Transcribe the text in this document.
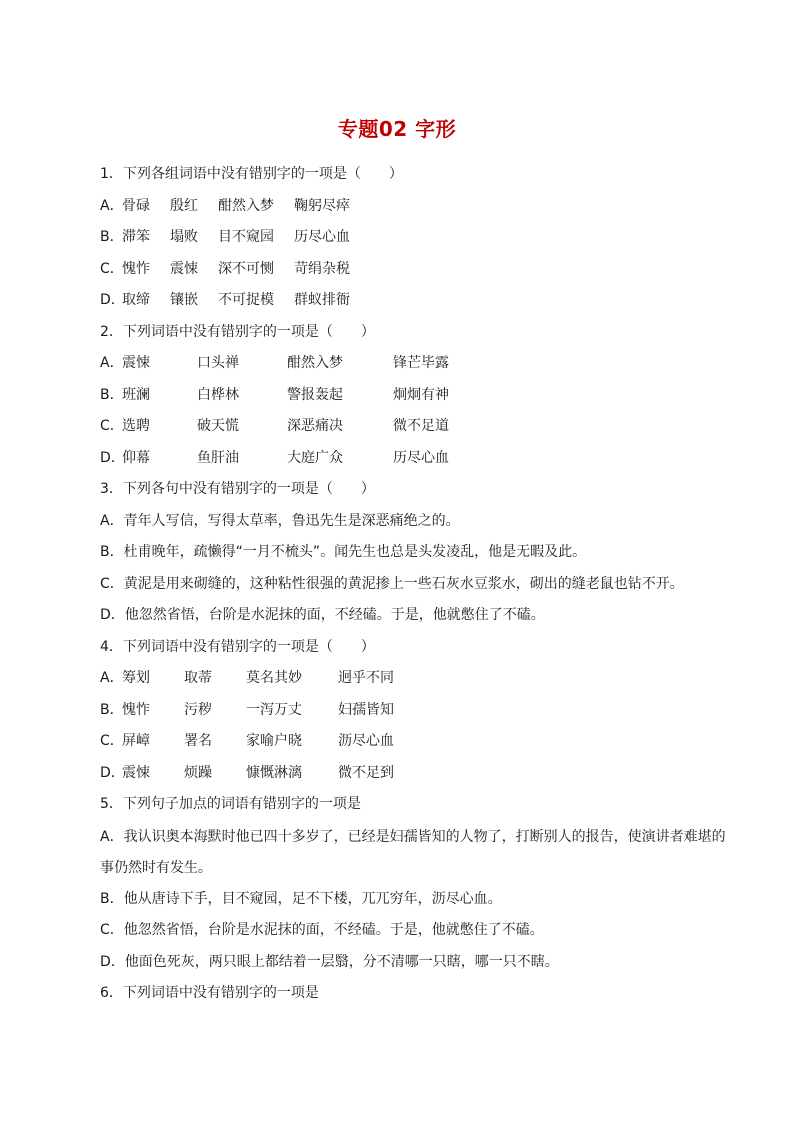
专题02 字形
1．下列各组词语中没有错别字的一项是（　　）
A．
骨碌	殷红	酣然入梦	鞠躬尽瘁
B．
滞笨	塌败	目不窥园	历尽心血
C．
愧怍	震悚	深不可恻	苛绢杂税
D．
取缔	镶嵌	不可捉模	群蚁排衙
2．下列词语中没有错别字的一项是（　　）
A．
震悚	口头禅	酣然入梦	锋芒毕露
B．
班澜	白桦林	警报轰起	炯炯有神
C．
选聘	破天慌	深恶痛决	微不足道
D．
仰幕	鱼肝油	大庭广众	历尽心血
3．下列各句中没有错别字的一项是（　　）
A．青年人写信，写得太草率，鲁迅先生是深恶痛绝之的。
B．杜甫晚年，疏懒得“一月不梳头”。闻先生也总是头发凌乱，他是无暇及此。
C．黄泥是用来砌缝的，这种粘性很强的黄泥掺上一些石灰水豆浆水，砌出的缝老鼠也钻不开。
D．他忽然省悟，台阶是水泥抹的面，不经磕。于是，他就憋住了不磕。
4．下列词语中没有错别字的一项是（　　）
A．
筹划	取蒂	莫名其妙	迥乎不同
B．
愧怍	污秽	一泻万丈	妇孺皆知
C．
屏嶂	署名	家喻户晓	沥尽心血
D．
震悚	烦躁	慷慨淋漓	微不足到
5．下列句子加点的词语有错别字的一项是
A．我认识奥本海默时他已四十多岁了，已经是妇孺皆知的人物了，打断别人的报告，使演讲者难堪的事仍然时有发生。
B．他从唐诗下手，目不窥园，足不下楼，兀兀穷年，沥尽心血。
C．他忽然省悟，台阶是水泥抹的面，不经磕。于是，他就憋住了不磕。
D．他面色死灰，两只眼上都结着一层翳，分不清哪一只瞎，哪一只不瞎。
6．下列词语中没有错别字的一项是
